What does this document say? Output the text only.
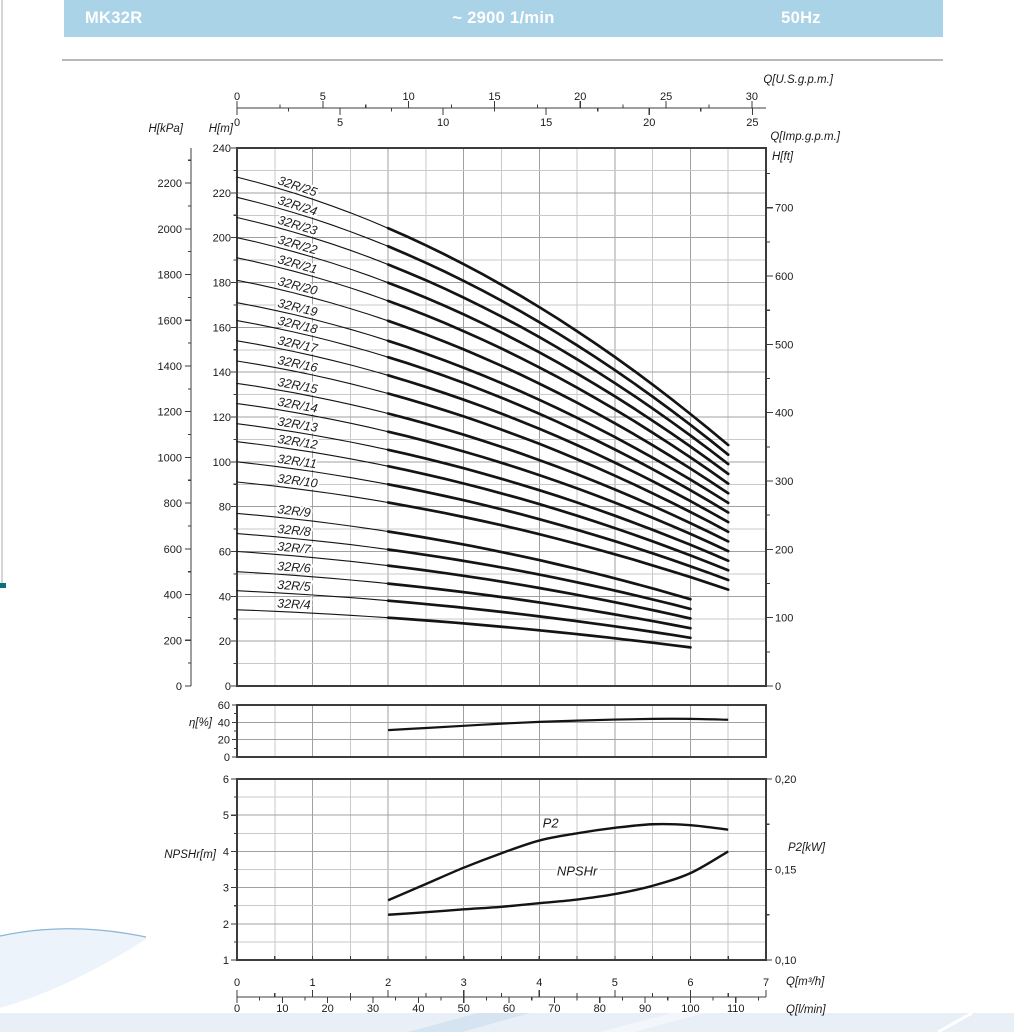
MK32R	~ 2900 1/min	50Hz
0	5	10	15	20	25	30
0	5	10	15	20	25
0
200
400
600
800
1000
1200
1400
1600
1800
2000
2200
0
20
40
60
80
100
120
140
160
180
200
220
240
0
100
200
300
400
500
600
700
0
20
40
60
1
2
3
4
5
6	0,20
0,15
0,10
0	1	2	3	4	5	6	7
0	10	20	30	40	50	60	70	80	90	100 110
32R/25
32R/24
32R/23
32R/22
32R/21
32R/20
32R/19
32R/18
32R/17
32R/16
32R/15
32R/14
32R/13
32R/12
32R/11
32R/10
32R/9
32R/8
32R/7
32R/6
32R/5
32R/4
P2
NPSHr
Q[U.S.g.p.m.]
Q[Imp.g.p.m.]
H[kPa] H[m]
H[ft]
η[%]
NPSHr[m]
P2[kW]
Q[m³/h]
Q[l/min]
